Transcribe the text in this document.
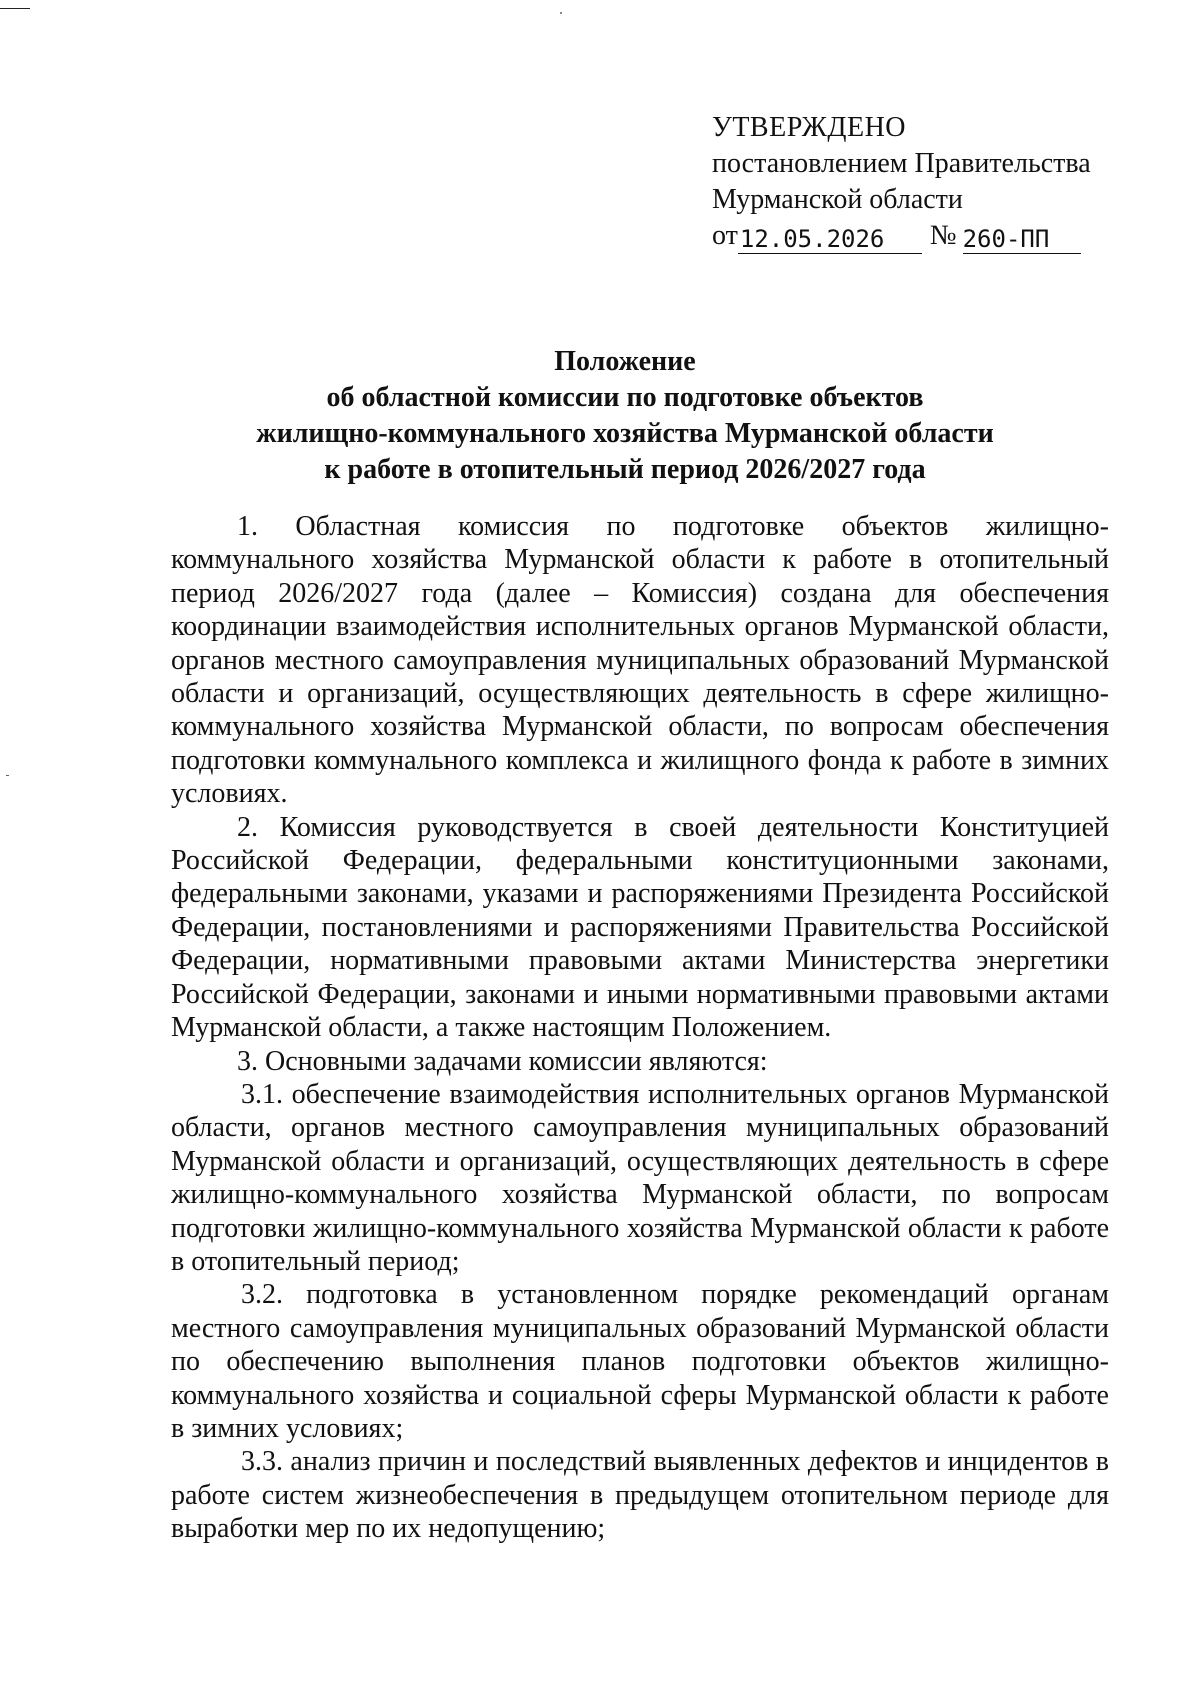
УТВЕРЖДЕНО
постановлением Правительства
Мурманской области
от 12.05.2026	№ 260-ПП
Положение
об областной комиссии по подготовке объектов
жилищно-коммунального хозяйства Мурманской области
к работе в отопительный период 2026/2027 года

1. Областная комиссия по подготовке объектов жилищно-коммунального хозяйства Мурманской области к работе в отопительный период 2026/2027 года (далее – Комиссия) создана для обеспечения координации взаимодействия исполнительных органов Мурманской области, органов местного самоуправления муниципальных образований Мурманской области и организаций, осуществляющих деятельность в сфере жилищно-коммунального хозяйства Мурманской области, по вопросам обеспечения подготовки коммунального комплекса и жилищного фонда к работе в зимних условиях.

2. Комиссия руководствуется в своей деятельности Конституцией Российской Федерации, федеральными конституционными законами, федеральными законами, указами и распоряжениями Президента Российской Федерации, постановлениями и распоряжениями Правительства Российской Федерации, нормативными правовыми актами Министерства энергетики Российской Федерации, законами и иными нормативными правовыми актами Мурманской области, а также настоящим Положением.

3. Основными задачами комиссии являются:

3.1. обеспечение взаимодействия исполнительных органов Мурманской области, органов местного самоуправления муниципальных образований Мурманской области и организаций, осуществляющих деятельность в сфере жилищно-коммунального хозяйства Мурманской области, по вопросам подготовки жилищно-коммунального хозяйства Мурманской области к работе в отопительный период;

3.2. подготовка в установленном порядке рекомендаций органам местного самоуправления муниципальных образований Мурманской области по обеспечению выполнения планов подготовки объектов жилищно-коммунального хозяйства и социальной сферы Мурманской области к работе в зимних условиях;

3.3. анализ причин и последствий выявленных дефектов и инцидентов в работе систем жизнеобеспечения в предыдущем отопительном периоде для выработки мер по их недопущению;
